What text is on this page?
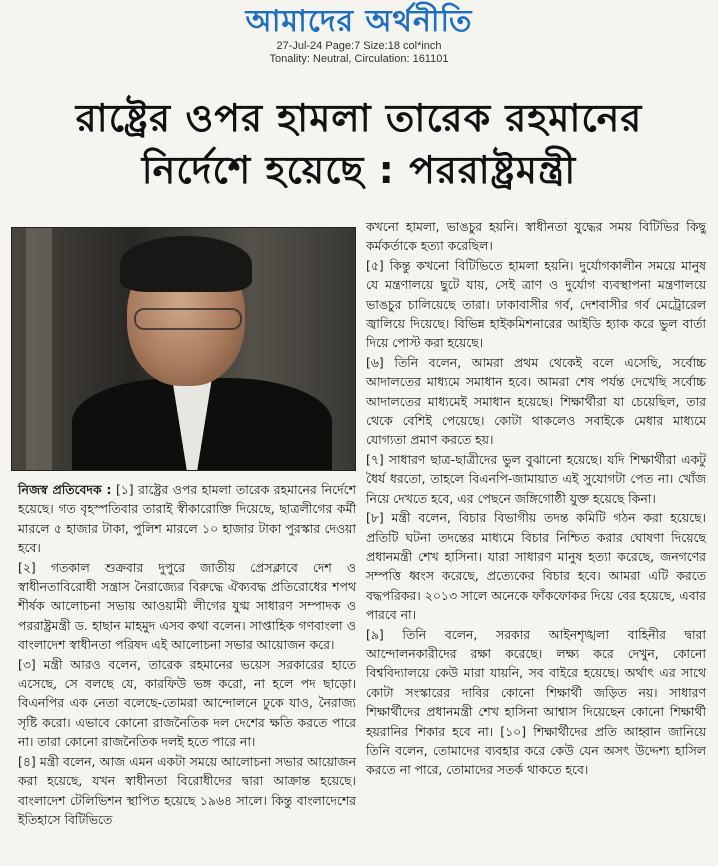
আমাদের অর্থনীতি
27-Jul-24 Page:7 Size:18 col*inch
Tonality: Neutral, Circulation: 161101
রাষ্ট্রের ওপর হামলা তারেক রহমানের
নির্দেশে হয়েছে : পররাষ্ট্রমন্ত্রী

নিজস্ব প্রতিবেদক : [১] রাষ্ট্রের ওপর হামলা তারেক রহমানের নির্দেশে হয়েছে। গত বৃহস্পতিবার তারাই স্বীকারোক্তি দিয়েছে, ছাত্রলীগের কর্মী মারলে ৫ হাজার টাকা, পুলিশ মারলে ১০ হাজার টাকা পুরস্কার দেওয়া হবে।

[২] গতকাল শুক্রবার দুপুরে জাতীয় প্রেসক্লাবে দেশ ও স্বাধীনতাবিরোধী সন্ত্রাস নৈরাজ্যের বিরুদ্ধে ঐক্যবদ্ধ প্রতিরোধের শপথ শীর্ষক আলোচনা সভায় আওয়ামী লীগের যুগ্ম সাধারণ সম্পাদক ও পররাষ্ট্রমন্ত্রী ড. হাছান মাহমুদ এসব কথা বলেন। সাপ্তাহিক গণবাংলা ও বাংলাদেশ স্বাধীনতা পরিষদ এই আলোচনা সভার আয়োজন করে।

[৩] মন্ত্রী আরও বলেন, তারেক রহমানের ভয়েস সরকারের হাতে এসেছে, সে বলছে যে, কারফিউ ভঙ্গ করো, না হলে পদ ছাড়ো। বিএনপির এক নেতা বলেছে-তোমরা আন্দোলনে ঢুকে যাও, নৈরাজ্য সৃষ্টি করো। এভাবে কোনো রাজনৈতিক দল দেশের ক্ষতি করতে পারে না। তারা কোনো রাজনৈতিক দলই হতে পারে না।

[৪] মন্ত্রী বলেন, আজ এমন একটা সময়ে আলোচনা সভার আয়োজন করা হয়েছে, যখন স্বাধীনতা বিরোধীদের দ্বারা আক্রান্ত হয়েছে। বাংলাদেশ টেলিভিশন স্থাপিত হয়েছে ১৯৬৪ সালে। কিন্তু বাংলাদেশের ইতিহাসে বিটিভিতে

কখনো হামলা, ভাঙচুর হয়নি। স্বাধীনতা যুদ্ধের সময় বিটিভির কিছু কর্মকর্তাকে হত্যা করেছিল।

[৫] কিন্তু কখনো বিটিভিতে হামলা হয়নি। দুর্যোগকালীন সময়ে মানুষ যে মন্ত্রণালয়ে ছুটে যায়, সেই ত্রাণ ও দুর্যোগ ব্যবস্থাপনা মন্ত্রণালয়ে ভাঙচুর চালিয়েছে তারা। ঢাকাবাসীর গর্ব, দেশবাসীর গর্ব মেট্রোরেল জ্বালিয়ে দিয়েছে। বিভিন্ন হাইকমিশনারের আইডি হ্যাক করে ভুল বার্তা দিয়ে পোস্ট করা হয়েছে।

[৬] তিনি বলেন, আমরা প্রথম থেকেই বলে এসেছি, সর্বোচ্চ আদালতের মাধ্যমে সমাধান হবে। আমরা শেষ পর্যন্ত দেখেছি সর্বোচ্চ আদালতের মাধ্যমেই সমাধান হয়েছে। শিক্ষার্থীরা যা চেয়েছিল, তার থেকে বেশিই পেয়েছে। কোটা থাকলেও সবাইকে মেধার মাধ্যমে যোগ্যতা প্রমাণ করতে হয়।

[৭] সাধারণ ছাত্র-ছাত্রীদের ভুল বুঝানো হয়েছে। যদি শিক্ষার্থীরা একটু ধৈর্য ধরতো, তাহলে বিএনপি-জামায়াত এই সুযোগটা পেত না। খোঁজ নিয়ে দেখতে হবে, এর পেছনে জঙ্গিগোষ্ঠী যুক্ত হয়েছে কিনা।

[৮] মন্ত্রী বলেন, বিচার বিভাগীয় তদন্ত কমিটি গঠন করা হয়েছে। প্রতিটি ঘটনা তদন্তের মাধ্যমে বিচার নিশ্চিত করার ঘোষণা দিয়েছে প্রধানমন্ত্রী শেখ হাসিনা। যারা সাধারণ মানুষ হত্যা করেছে, জনগণের সম্পত্তি ধ্বংস করেছে, প্রত্যেকের বিচার হবে। আমরা এটি করতে বদ্ধপরিকর। ২০১৩ সালে অনেকে ফাঁকফোকর দিয়ে বের হয়েছে, এবার পারবে না।

[৯] তিনি বলেন, সরকার আইনশৃঙ্খলা বাহিনীর দ্বারা আন্দোলনকারীদের রক্ষা করেছে। লক্ষ্য করে দেখুন, কোনো বিশ্ববিদ্যালয়ে কেউ মারা যায়নি, সব বাইরে হয়েছে। অর্থাৎ এর সাথে কোটা সংস্কারের দাবির কোনো শিক্ষার্থী জড়িত নয়। সাধারণ শিক্ষার্থীদের প্রধানমন্ত্রী শেখ হাসিনা আশ্বাস দিয়েছেন কোনো শিক্ষার্থী হয়রানির শিকার হবে না। [১০] শিক্ষার্থীদের প্রতি আহ্বান জানিয়ে তিনি বলেন, তোমাদের ব্যবহার করে কেউ যেন অসৎ উদ্দেশ্য হাসিল করতে না পারে, তোমাদের সতর্ক থাকতে হবে।
